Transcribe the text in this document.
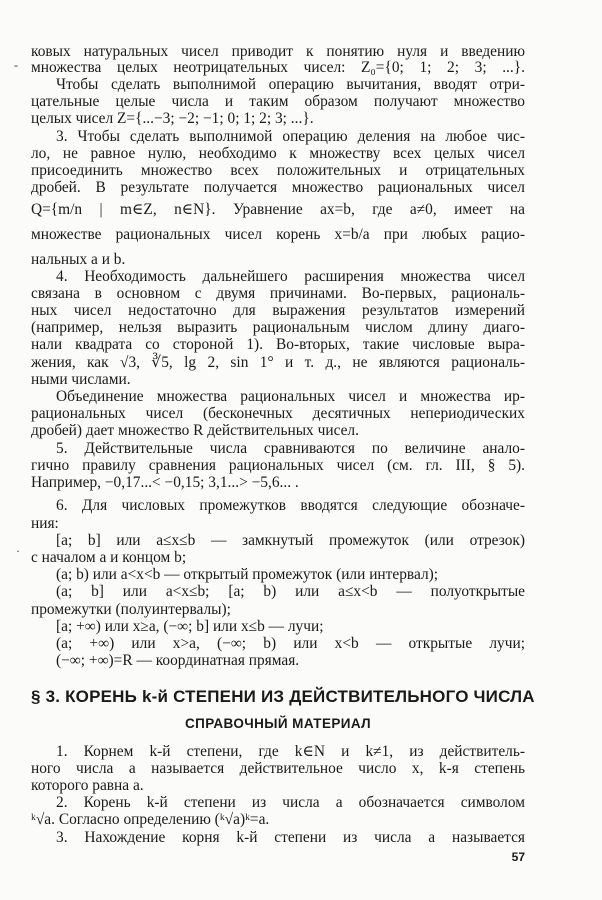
-
·
ковых натуральных чисел приводит к понятию нуля и введению
множества целых неотрицательных чисел: Z₀={0; 1; 2; 3; ...}.
Чтобы сделать выполнимой операцию вычитания, вводят отри-
цательные целые числа и таким образом получают множество
целых чисел Z={...−3; −2; −1; 0; 1; 2; 3; ...}.
3. Чтобы сделать выполнимой операцию деления на любое чис-
ло, не равное нулю, необходимо к множеству всех целых чисел
присоединить множество всех положительных и отрицательных
дробей. В результате получается множество рациональных чисел
Q={m/n | m∈Z, n∈N}. Уравнение ax=b, где a≠0, имеет на
множестве рациональных чисел корень x=b/a при любых рацио-
нальных a и b.
4. Необходимость дальнейшего расширения множества чисел
связана в основном с двумя причинами. Во-первых, рациональ-
ных чисел недостаточно для выражения результатов измерений
(например, нельзя выразить рациональным числом длину диаго-
нали квадрата со стороной 1). Во-вторых, такие числовые выра-
жения, как √3, ∛5, lg 2, sin 1° и т. д., не являются рациональ-
ными числами.
Объединение множества рациональных чисел и множества ир-
рациональных чисел (бесконечных десятичных непериодических
дробей) дает множество R действительных чисел.
5. Действительные числа сравниваются по величине анало-
гично правилу сравнения рациональных чисел (см. гл. III, § 5).
Например, −0,17...< −0,15; 3,1...> −5,6... .
6. Для числовых промежутков вводятся следующие обозначе-
ния:
[a; b] или a≤x≤b — замкнутый промежуток (или отрезок)
с началом a и концом b;
(a; b) или a<x<b — открытый промежуток (или интервал);
(a; b] или a<x≤b; [a; b) или a≤x<b — полуоткрытые
промежутки (полуинтервалы);
[a; +∞) или x≥a, (−∞; b] или x≤b — лучи;
(a; +∞) или x>a, (−∞; b) или x<b — открытые лучи;
(−∞; +∞)=R — координатная прямая.
§ 3. КОРЕНЬ k-й СТЕПЕНИ ИЗ ДЕЙСТВИТЕЛЬНОГО ЧИСЛА
СПРАВОЧНЫЙ МАТЕРИАЛ
1. Корнем k-й степени, где k∈N и k≠1, из действитель-
ного числа a называется действительное число x, k-я степень
которого равна a.
2. Корень k-й степени из числа a обозначается символом
ᵏ√a. Согласно определению (ᵏ√a)ᵏ=a.
3. Нахождение корня k-й степени из числа a называется
57
